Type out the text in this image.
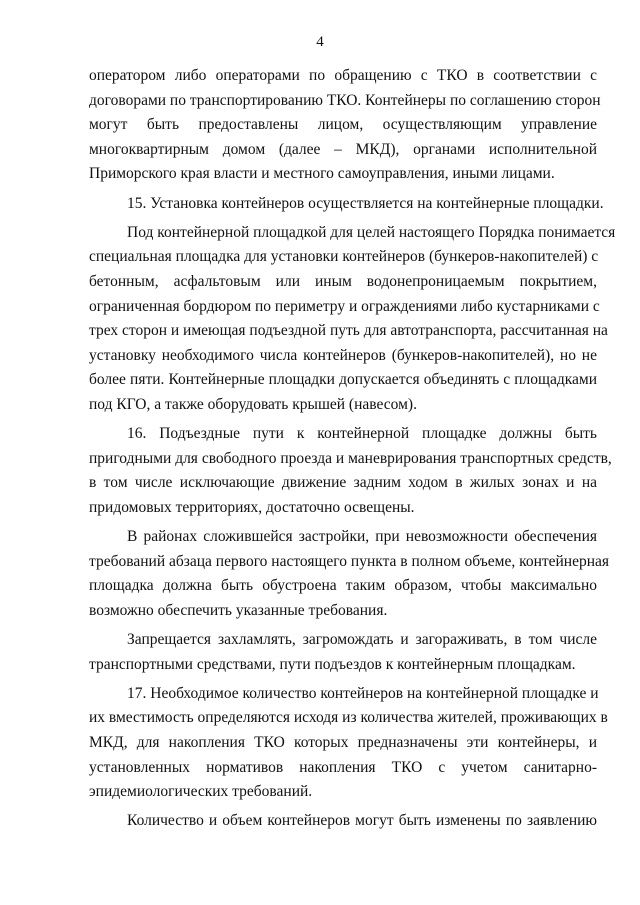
4
оператором либо операторами по обращению с ТКО в соответствии с
договорами по транспортированию ТКО. Контейнеры по соглашению сторон
могут быть предоставлены лицом, осуществляющим управление
многоквартирным домом (далее – МКД), органами исполнительной
Приморского края власти и местного самоуправления, иными лицами.
15. Установка контейнеров осуществляется на контейнерные площадки.
Под контейнерной площадкой для целей настоящего Порядка понимается
специальная площадка для установки контейнеров (бункеров-накопителей) с
бетонным, асфальтовым или иным водонепроницаемым покрытием,
ограниченная бордюром по периметру и ограждениями либо кустарниками с
трех сторон и имеющая подъездной путь для автотранспорта, рассчитанная на
установку необходимого числа контейнеров (бункеров-накопителей), но не
более пяти. Контейнерные площадки допускается объединять с площадками
под КГО, а также оборудовать крышей (навесом).
16. Подъездные пути к контейнерной площадке должны быть
пригодными для свободного проезда и маневрирования транспортных средств,
в том числе исключающие движение задним ходом в жилых зонах и на
придомовых территориях, достаточно освещены.
В районах сложившейся застройки, при невозможности обеспечения
требований абзаца первого настоящего пункта в полном объеме, контейнерная
площадка должна быть обустроена таким образом, чтобы максимально
возможно обеспечить указанные требования.
Запрещается захламлять, загромождать и загораживать, в том числе
транспортными средствами, пути подъездов к контейнерным площадкам.
17. Необходимое количество контейнеров на контейнерной площадке и
их вместимость определяются исходя из количества жителей, проживающих в
МКД, для накопления ТКО которых предназначены эти контейнеры, и
установленных нормативов накопления ТКО с учетом санитарно-
эпидемиологических требований.
Количество и объем контейнеров могут быть изменены по заявлению
